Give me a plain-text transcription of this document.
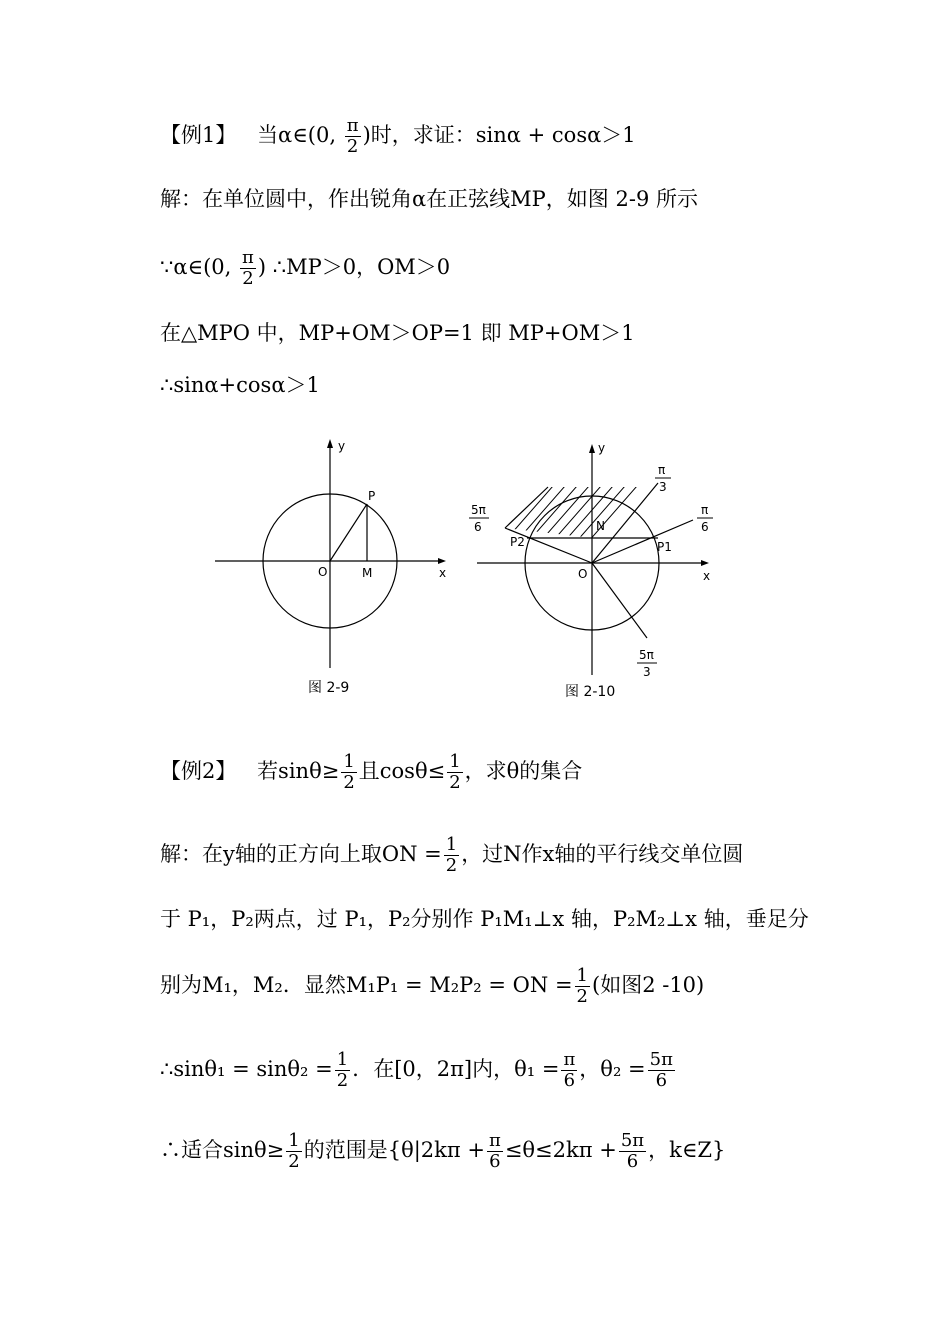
【例1】 当α∈(0, $\frac{\pi}{2}$ )时，求证：sinα + cosα＞1
解：在单位圆中，作出锐角α在正弦线MP，如图 2-9 所示
∵α∈(0, $\frac{\pi}{2}$ ) ∴MP＞0，OM＞0
在△MPO 中，MP+OM＞OP=1 即 MP+OM＞1
∴sinα+cosα＞1
y
x
O	M
P
图 2-9
y
x
O
N
P1
P2
π
3
π
6
5π
6
5π
3
图 2-10
【例2】 若$\sin\theta\ge \frac{1}{2}$ 且$\cos\theta\le \frac{1}{2}$ ，求θ的集合
解：在y轴的正方向上取ON = $\frac{1}{2}$ ，过N作x轴的平行线交单位圆
于 P₁，P₂两点，过 P₁，P₂分别作 P₁M₁⊥x 轴，P₂M₂⊥x 轴，垂足分
别为M₁，M₂．显然M₁P₁ = M₂P₂ = ON = $\frac{1}{2}$ (如图2 -10)
∴sinθ₁ = $\sin\theta_2 = \frac{1}{2}$ ．在[0，2π]内，$\theta_1 = \frac{\pi}{6}$ ，$\theta_2 = \frac{5\pi}{6}$
∴适合$\sin\theta\ge \frac{1}{2}$ 的范围是{$\theta|2k\pi + \frac{\pi}{6} \le\theta\le 2k\pi + \frac{5\pi}{6}$ ，k∈Z}
